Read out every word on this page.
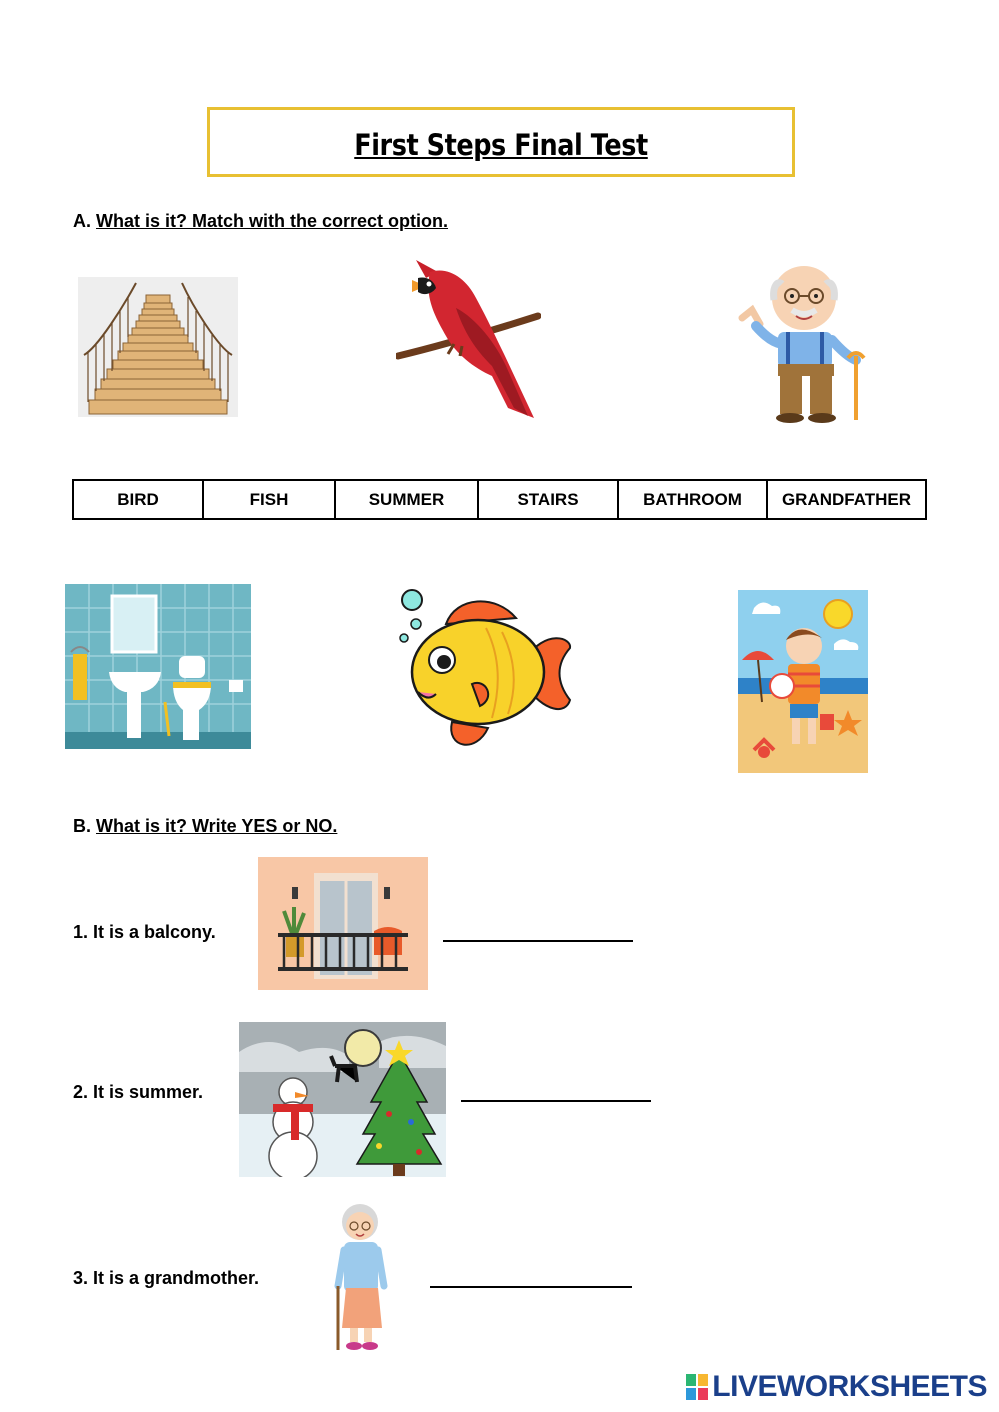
First Steps Final Test
A. What is it? Match with the correct option.
BIRD	FISH	SUMMER	STAIRS	BATHROOM	GRANDFATHER
B. What is it? Write YES or NO.
1. It is a balcony.
2. It is summer.
3. It is a grandmother.
LIVEWORKSHEETS
